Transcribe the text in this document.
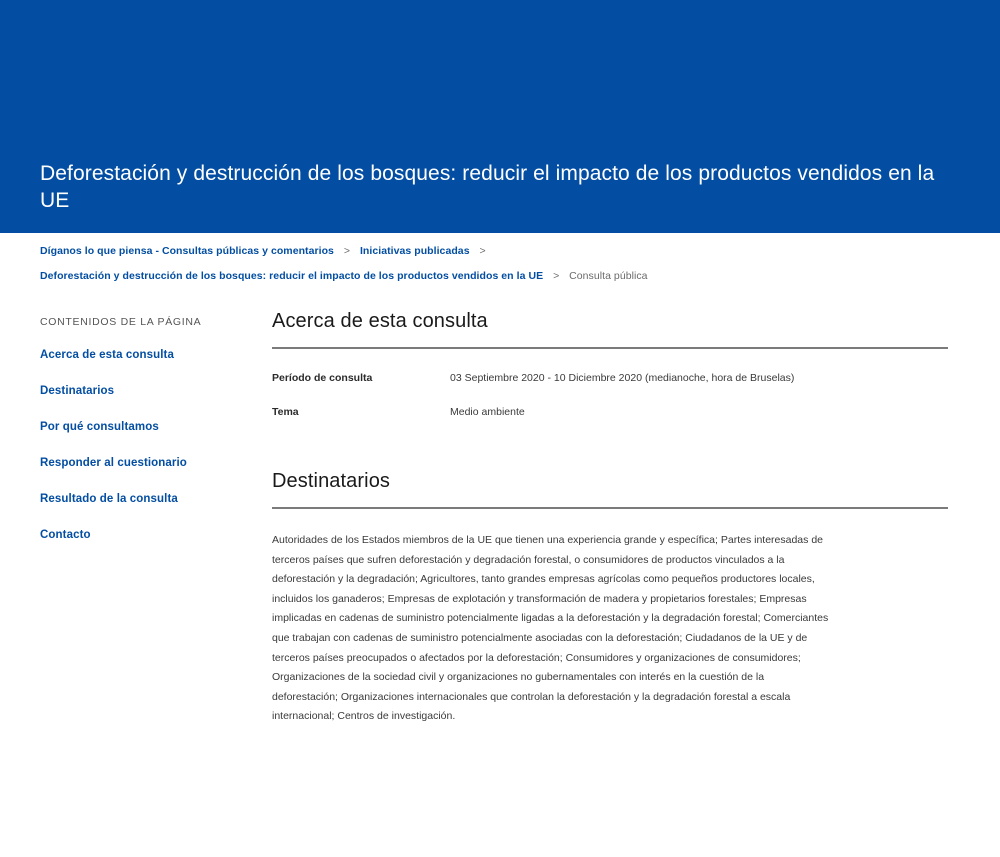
Deforestación y destrucción de los bosques: reducir el impacto de los productos vendidos en la UE
Díganos lo que piensa - Consultas públicas y comentarios > Iniciativas publicadas >
Deforestación y destrucción de los bosques: reducir el impacto de los productos vendidos en la UE > Consulta pública
CONTENIDOS DE LA PÁGINA
Acerca de esta consulta
Destinatarios
Por qué consultamos
Responder al cuestionario
Resultado de la consulta
Contacto
Acerca de esta consulta
Período de consulta	03 Septiembre 2020 - 10 Diciembre 2020 (medianoche, hora de Bruselas)
Tema	Medio ambiente
Destinatarios

Autoridades de los Estados miembros de la UE que tienen una experiencia grande y específica; Partes interesadas de terceros países que sufren deforestación y degradación forestal, o consumidores de productos vinculados a la deforestación y la degradación; Agricultores, tanto grandes empresas agrícolas como pequeños productores locales, incluidos los ganaderos; Empresas de explotación y transformación de madera y propietarios forestales; Empresas implicadas en cadenas de suministro potencialmente ligadas a la deforestación y la degradación forestal; Comerciantes que trabajan con cadenas de suministro potencialmente asociadas con la deforestación; Ciudadanos de la UE y de terceros países preocupados o afectados por la deforestación; Consumidores y organizaciones de consumidores; Organizaciones de la sociedad civil y organizaciones no gubernamentales con interés en la cuestión de la deforestación; Organizaciones internacionales que controlan la deforestación y la degradación forestal a escala internacional; Centros de investigación.
